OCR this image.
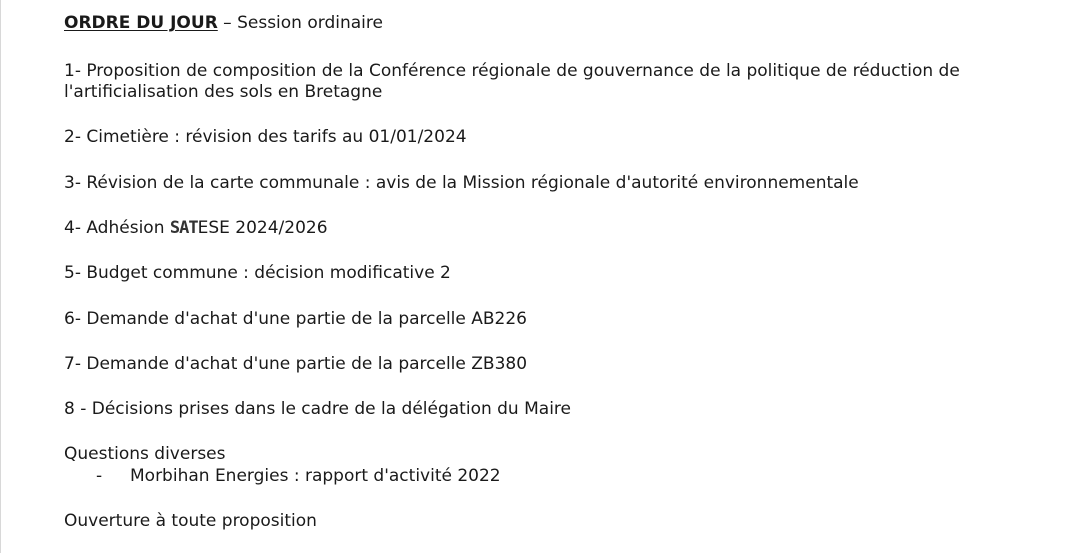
ORDRE DU JOUR – Session ordinaire
1- Proposition de composition de la Conférence régionale de gouvernance de la politique de réduction de l'artificialisation des sols en Bretagne
2- Cimetière : révision des tarifs au 01/01/2024
3- Révision de la carte communale : avis de la Mission régionale d'autorité environnementale
4- Adhésion SATESE 2024/2026
5- Budget commune : décision modificative 2
6- Demande d'achat d'une partie de la parcelle AB226
7- Demande d'achat d'une partie de la parcelle ZB380
8 - Décisions prises dans le cadre de la délégation du Maire
Questions diverses
- Morbihan Energies : rapport d'activité 2022
Ouverture à toute proposition
